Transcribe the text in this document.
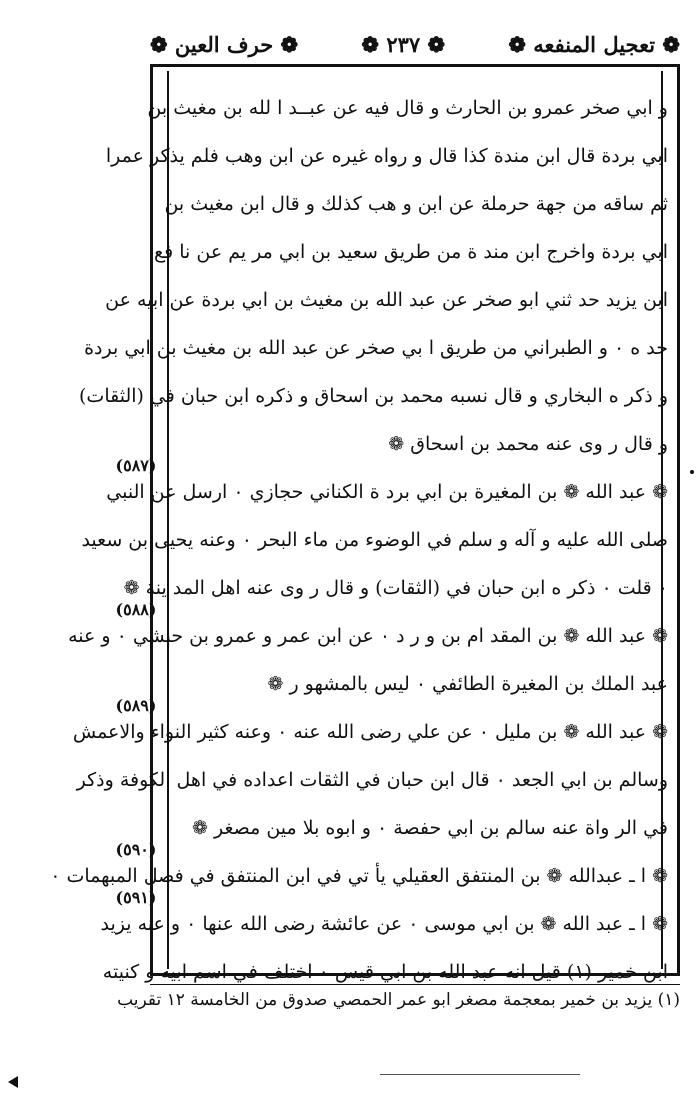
❁ تعجيل المنفعه ❁
❁ ٢٣٧ ❁
❁ حرف العين ❁
و ابي صخر عمرو بن الحارث و قال فيه عن عبــد ا لله بن مغيث بن
ابي بردة قال ابن مندة كذا قال و رواه غيره عن ابن وهب فلم يذكر عمرا
ثم ساقه من جهة حرملة عن ابن و هب كذلك و قال ابن مغيث بن
ابي بردة واخرج ابن مند ة من طريق سعيد بن ابي مر يم عن نا فع
ابن يزيد حد ثني ابو صخر عن عبد الله بن مغيث بن ابي بردة عن ابيه عن
جد ه ٠ و الطبراني من طريق ا بي صخر عن عبد الله بن مغيث بن ابي بردة
و ذكر ه البخاري و قال نسبه محمد بن اسحاق و ذكره ابن حبان في (الثقات)
و قال ر وى عنه محمد بن اسحاق ❁
❁ عبد الله ❁ بن المغيرة بن ابي برد ة الكناني حجازي ٠ ارسل عن النبي
صلى الله عليه و آله و سلم في الوضوء من ماء البحر ٠ وعنه يحيى بن سعيد
٠ قلت ٠ ذكر ه ابن حبان في (الثقات) و قال ر وى عنه اهل المد ينة ❁
❁ عبد الله ❁ بن المقد ام بن و ر د ٠ عن ابن عمر و عمرو بن حبشي ٠ و عنه
عبد الملك بن المغيرة الطائفي ٠ ليس بالمشهو ر ❁
❁ عبد الله ❁ بن مليل ٠ عن علي رضى الله عنه ٠ وعنه كثير النواء والاعمش
وسالم بن ابي الجعد ٠ قال ابن حبان في الثقات اعداده في اهل الكوفة وذكر
في الر واة عنه سالم بن ابي حفصة ٠ و ابوه بلا مين مصغر ❁
❁ ا ـ عبدالله ❁ بن المنتفق العقيلي يأ تي في ابن المنتفق في فصل المبهمات ٠
❁ ا ـ عبد الله ❁ بن ابي موسى ٠ عن عائشة رضى الله عنها ٠ و عنه يزيد
ابن خمير (١) قيل انه عبد الله بن ابي قيس ٠ اختلف في اسم ابيه و كنيته
(٥٨٧)
(٥٨٨)
(٥٨٩)
(٥٩٠)
(٥٩١)
(١) يزيد بن خمير بمعجمة مصغر ابو عمر الحمصي صدوق من الخامسة ١٢ تقريب
